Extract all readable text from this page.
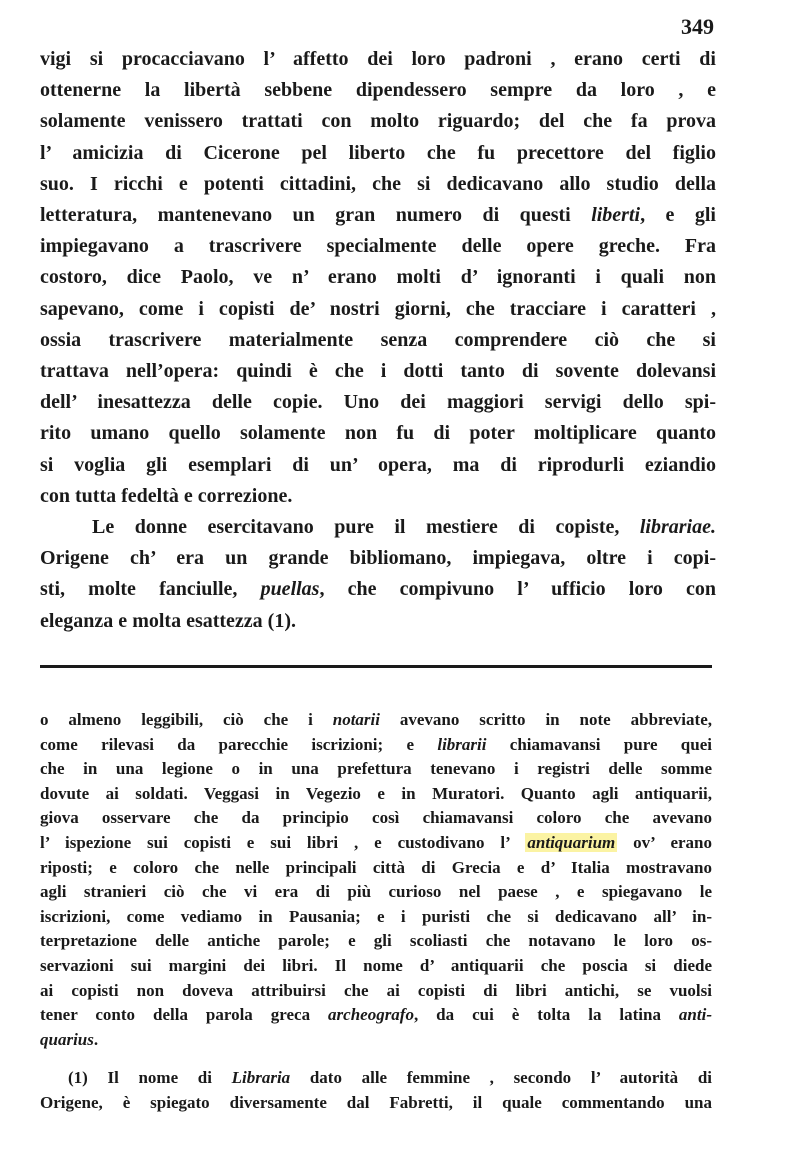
349
vigi si procacciavano l’ affetto dei loro padroni , erano certi di
ottenerne la libertà sebbene dipendessero sempre da loro , e
solamente venissero trattati con molto riguardo; del che fa prova
l’ amicizia di Cicerone pel liberto che fu precettore del figlio
suo. I ricchi e potenti cittadini, che si dedicavano allo studio della
letteratura, mantenevano un gran numero di questi liberti, e gli
impiegavano a trascrivere specialmente delle opere greche. Fra
costoro, dice Paolo, ve n’ erano molti d’ ignoranti i quali non
sapevano, come i copisti de’ nostri giorni, che tracciare i caratteri ,
ossia trascrivere materialmente senza comprendere ciò che si
trattava nell’opera: quindi è che i dotti tanto di sovente dolevansi
dell’ inesattezza delle copie. Uno dei maggiori servigi dello spi-
rito umano quello solamente non fu di poter moltiplicare quanto
si voglia gli esemplari di un’ opera, ma di riprodurli eziandio
con tutta fedeltà e correzione.
Le donne esercitavano pure il mestiere di copiste, librariae.
Origene ch’ era un grande bibliomano, impiegava, oltre i copi-
sti, molte fanciulle, puellas, che compivuno l’ ufficio loro con
eleganza e molta esattezza (1).
o almeno leggibili, ciò che i notarii avevano scritto in note abbreviate,
come rilevasi da parecchie iscrizioni; e librarii chiamavansi pure quei
che in una legione o in una prefettura tenevano i registri delle somme
dovute ai soldati. Veggasi in Vegezio e in Muratori. Quanto agli antiquarii,
giova osservare che da principio così chiamavansi coloro che avevano
l’ ispezione sui copisti e sui libri , e custodivano l’ antiquarium ov’ erano
riposti; e coloro che nelle principali città di Grecia e d’ Italia mostravano
agli stranieri ciò che vi era di più curioso nel paese , e spiegavano le
iscrizioni, come vediamo in Pausania; e i puristi che si dedicavano all’ in-
terpretazione delle antiche parole; e gli scoliasti che notavano le loro os-
servazioni sui margini dei libri. Il nome d’ antiquarii che poscia si diede
ai copisti non doveva attribuirsi che ai copisti di libri antichi, se vuolsi
tener conto della parola greca archeografo, da cui è tolta la latina anti-
quarius.
(1) Il nome di Libraria dato alle femmine , secondo l’ autorità di
Origene, è spiegato diversamente dal Fabretti, il quale commentando una
